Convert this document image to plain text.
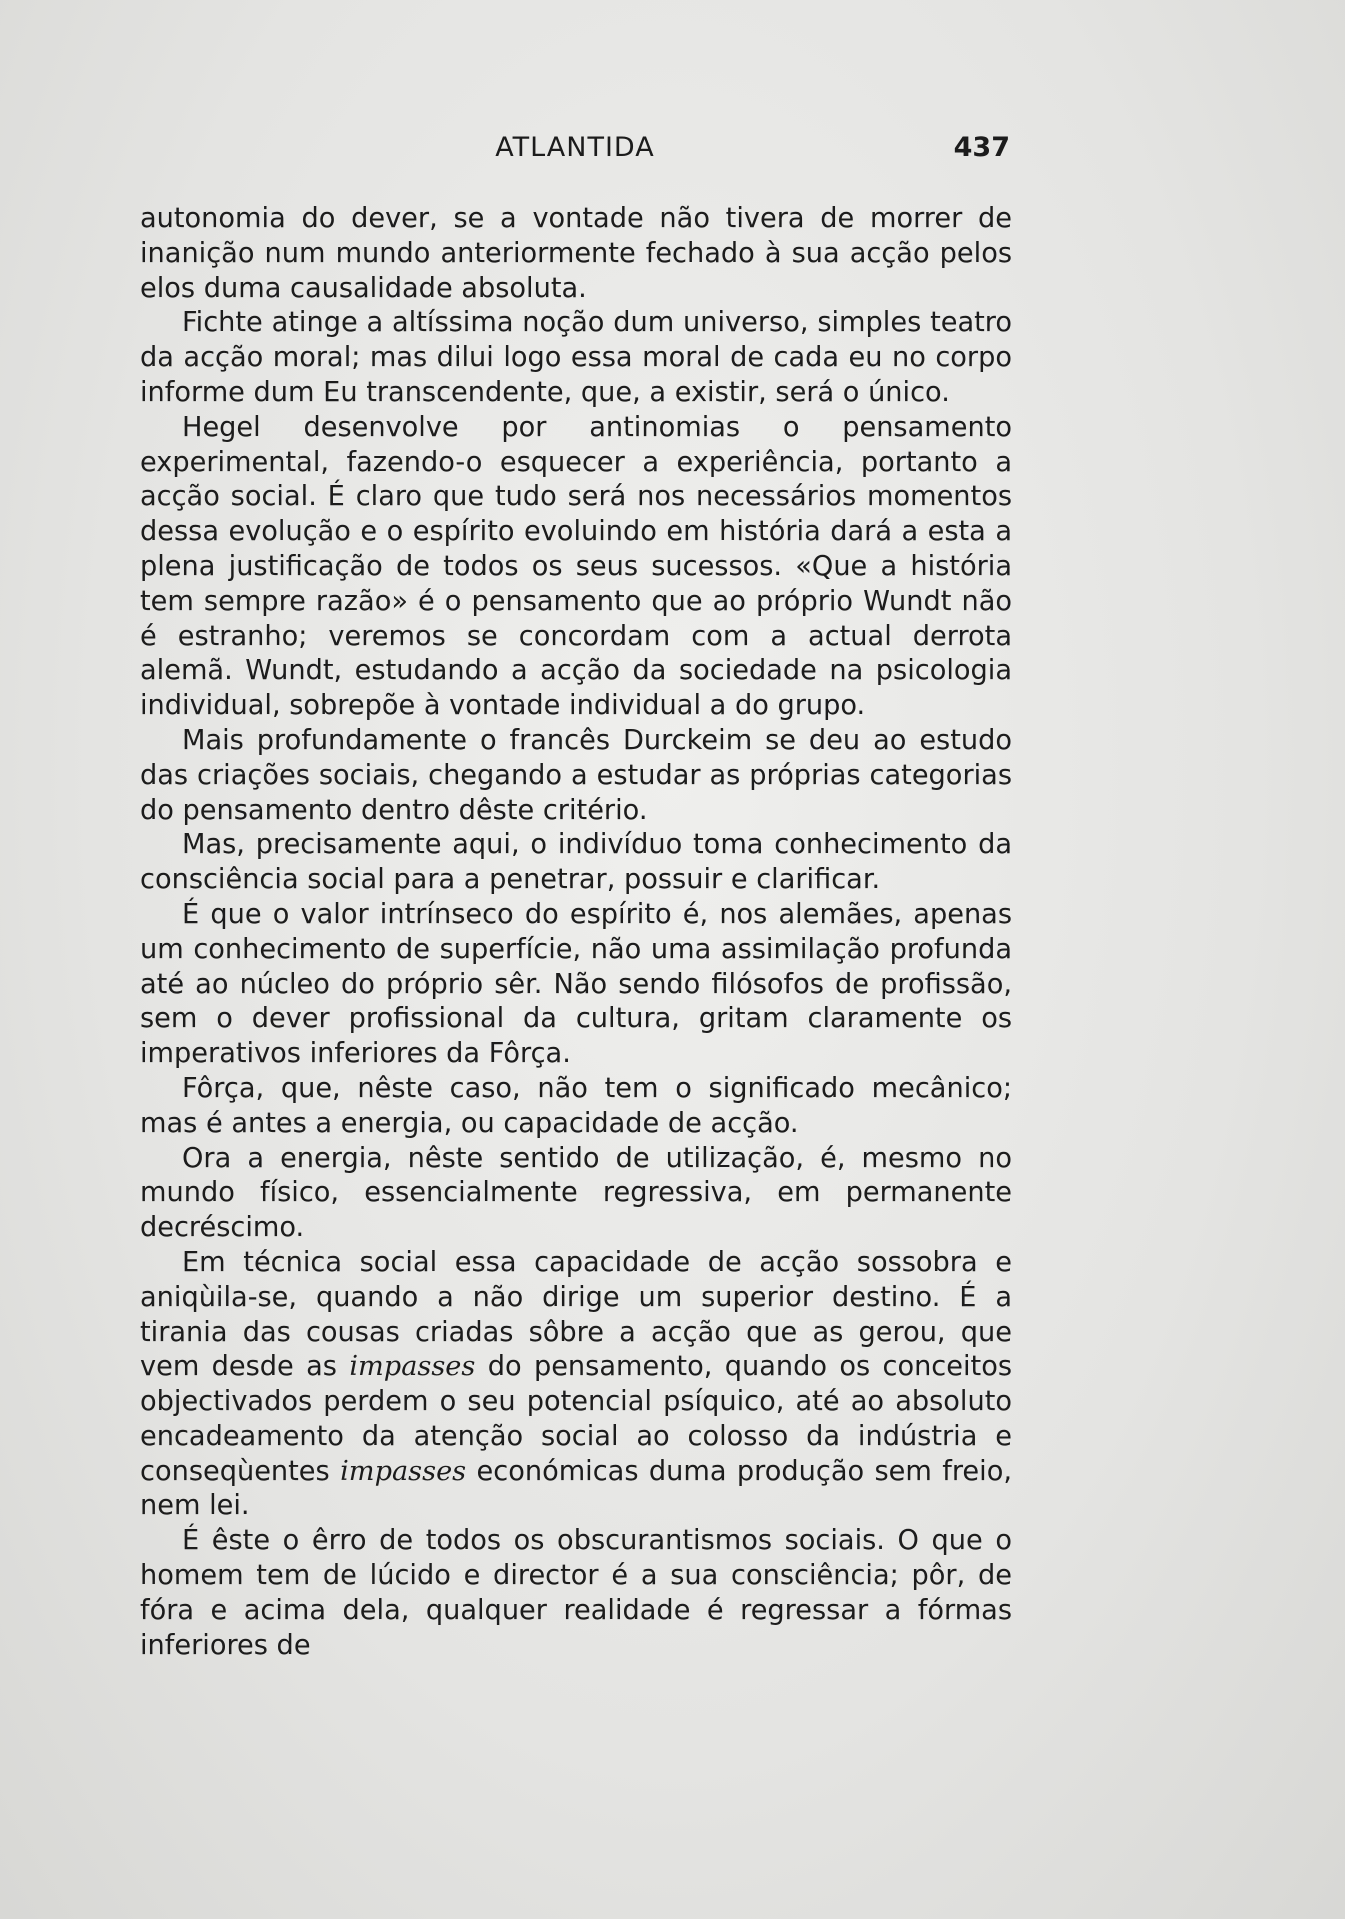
ATLANTIDA	437

autonomia do dever, se a vontade não tivera de morrer de inanição num mundo anteriormente fechado à sua acção pelos elos duma causalidade absoluta.

Fichte atinge a altíssima noção dum universo, simples teatro da acção moral; mas dilui logo essa moral de cada eu no corpo informe dum Eu transcendente, que, a existir, será o único.

Hegel desenvolve por antinomias o pensamento experimental, fazendo-o esquecer a experiência, portanto a acção social. É claro que tudo será nos necessários momentos dessa evolução e o espírito evoluindo em história dará a esta a plena justificação de todos os seus sucessos. «Que a história tem sempre razão» é o pensamento que ao próprio Wundt não é estranho; veremos se concordam com a actual derrota alemã. Wundt, estudando a acção da sociedade na psicologia individual, sobrepõe à vontade individual a do grupo.

Mais profundamente o francês Durckeim se deu ao estudo das criações sociais, chegando a estudar as próprias categorias do pensamento dentro dêste critério.

Mas, precisamente aqui, o indivíduo toma conhecimento da consciência social para a penetrar, possuir e clarificar.

É que o valor intrínseco do espírito é, nos alemães, apenas um conhecimento de superfície, não uma assimilação profunda até ao núcleo do próprio sêr. Não sendo filósofos de profissão, sem o dever profissional da cultura, gritam claramente os imperativos inferiores da Fôrça.

Fôrça, que, nêste caso, não tem o significado mecânico; mas é antes a energia, ou capacidade de acção.

Ora a energia, nêste sentido de utilização, é, mesmo no mundo físico, essencialmente regressiva, em permanente decréscimo.

Em técnica social essa capacidade de acção sossobra e aniqùila-se, quando a não dirige um superior destino. É a tirania das cousas criadas sôbre a acção que as gerou, que vem desde as impasses do pensamento, quando os conceitos objectivados perdem o seu potencial psíquico, até ao absoluto encadeamento da atenção social ao colosso da indústria e conseqùentes impasses económicas duma produção sem freio, nem lei.

É êste o êrro de todos os obscurantismos sociais. O que o homem tem de lúcido e director é a sua consciência; pôr, de fóra e acima dela, qualquer realidade é regressar a fórmas inferiores de
